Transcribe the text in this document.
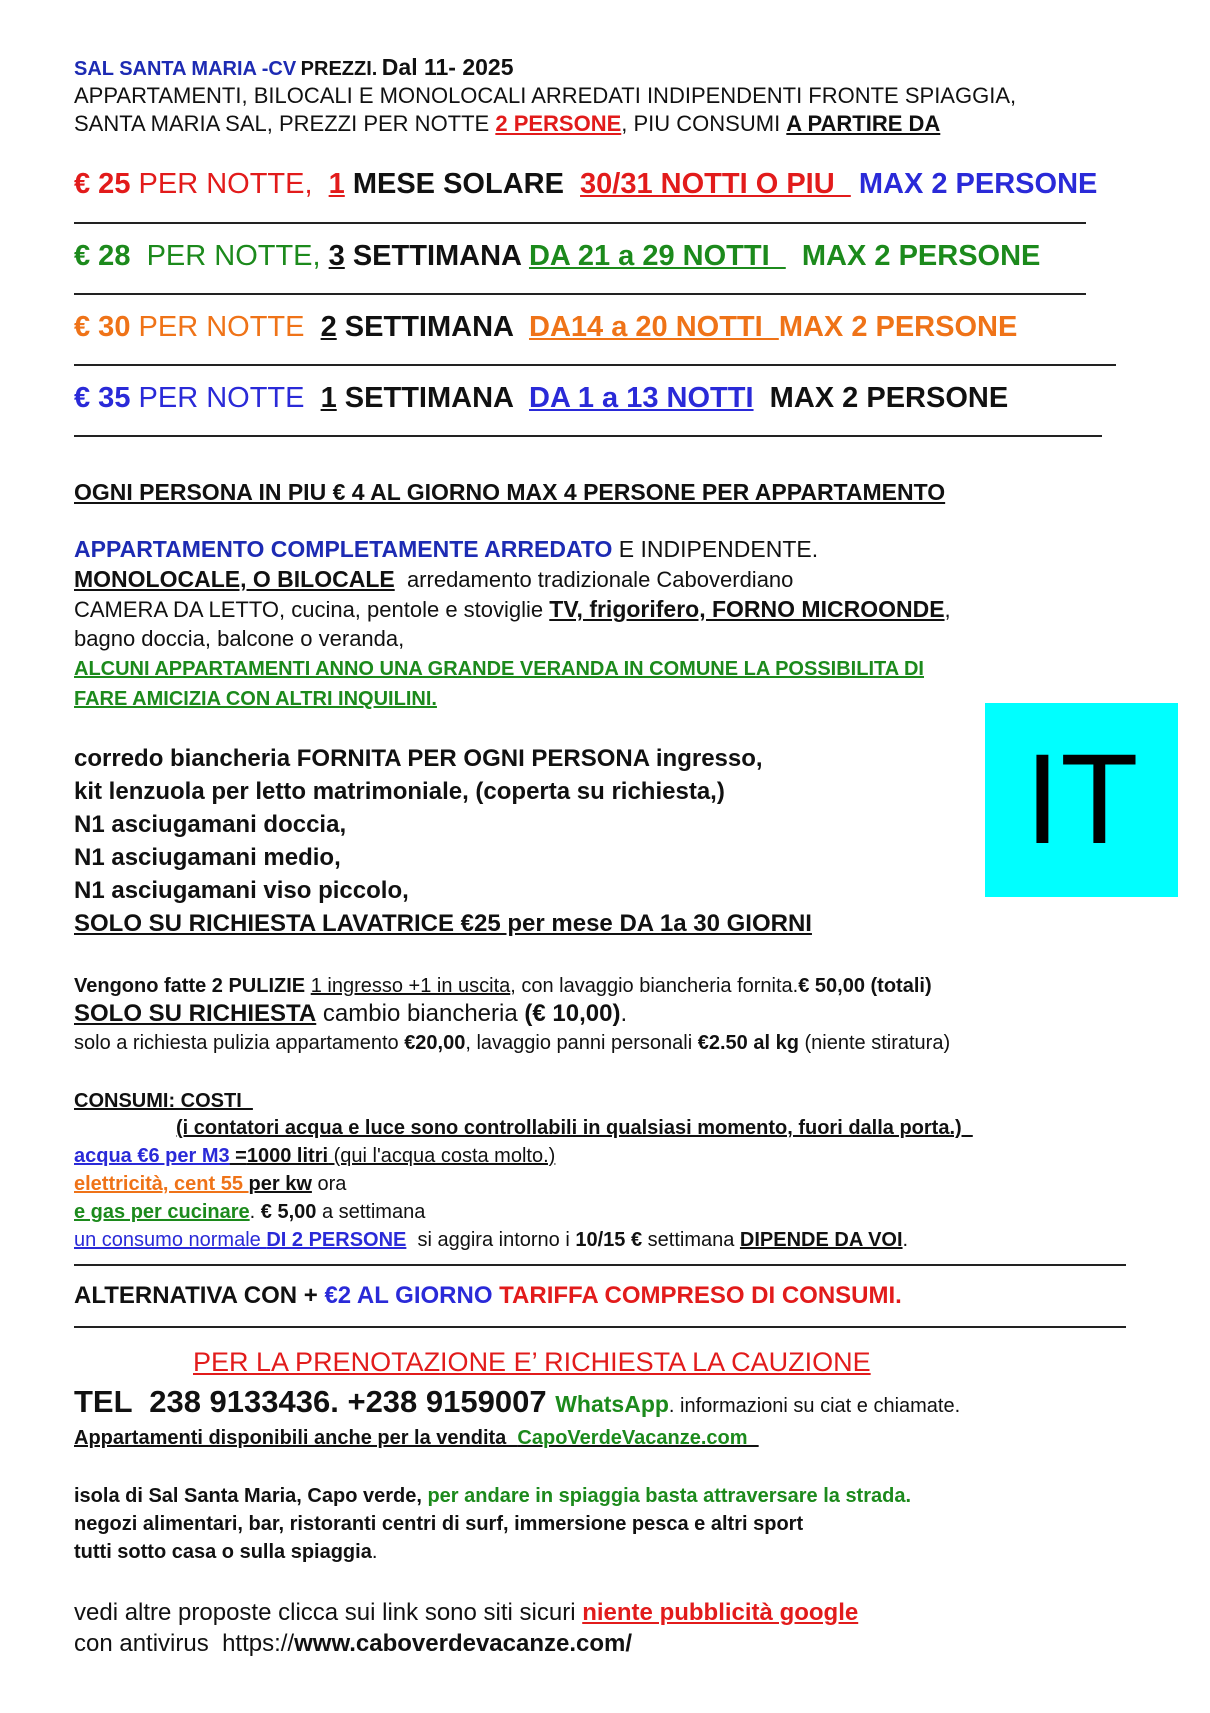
SAL SANTA MARIA -CV PREZZI. Dal 11- 2025
APPARTAMENTI, BILOCALI E MONOLOCALI ARREDATI INDIPENDENTI FRONTE SPIAGGIA,
SANTA MARIA SAL, PREZZI PER NOTTE 2 PERSONE, PIU CONSUMI A PARTIRE DA
€ 25 PER NOTTE,  1 MESE SOLARE  30/31 NOTTI O PIU   MAX 2 PERSONE
€ 28  PER NOTTE, 3 SETTIMANA DA 21 a 29 NOTTI    MAX 2 PERSONE
€ 30 PER NOTTE  2 SETTIMANA  DA14 a 20 NOTTI  MAX 2 PERSONE
€ 35 PER NOTTE  1 SETTIMANA  DA 1 a 13 NOTTI  MAX 2 PERSONE
OGNI PERSONA IN PIU € 4 AL GIORNO MAX 4 PERSONE PER APPARTAMENTO
APPARTAMENTO COMPLETAMENTE ARREDATO E INDIPENDENTE.
MONOLOCALE, O BILOCALE  arredamento tradizionale Caboverdiano
CAMERA DA LETTO, cucina, pentole e stoviglie TV, frigorifero, FORNO MICROONDE,
bagno doccia, balcone o veranda,
ALCUNI APPARTAMENTI ANNO UNA GRANDE VERANDA IN COMUNE LA POSSIBILITA DI
FARE AMICIZIA CON ALTRI INQUILINI.
corredo biancheria FORNITA PER OGNI PERSONA ingresso,
kit lenzuola per letto matrimoniale, (coperta su richiesta,)
N1 asciugamani doccia,
N1 asciugamani medio,
N1 asciugamani viso piccolo,
SOLO SU RICHIESTA LAVATRICE €25 per mese DA 1a 30 GIORNI
IT
Vengono fatte 2 PULIZIE 1 ingresso +1 in uscita, con lavaggio biancheria fornita.€ 50,00 (totali)
SOLO SU RICHIESTA cambio biancheria (€ 10,00).
solo a richiesta pulizia appartamento €20,00, lavaggio panni personali €2.50 al kg (niente stiratura)
CONSUMI: COSTI
(i contatori acqua e luce sono controllabili in qualsiasi momento, fuori dalla porta.)
acqua €6 per M3 =1000 litri (qui l'acqua costa molto.)
elettricità, cent 55 per kw ora
e gas per cucinare. € 5,00 a settimana
un consumo normale DI 2 PERSONE  si aggira intorno i 10/15 € settimana DIPENDE DA VOI.
ALTERNATIVA CON + €2 AL GIORNO TARIFFA COMPRESO DI CONSUMI.
PER LA PRENOTAZIONE E’ RICHIESTA LA CAUZIONE
TEL  238 9133436. +238 9159007 WhatsApp. informazioni su ciat e chiamate.
Appartamenti disponibili anche per la vendita  CapoVerdeVacanze.com
isola di Sal Santa Maria, Capo verde, per andare in spiaggia basta attraversare la strada.
negozi alimentari, bar, ristoranti centri di surf, immersione pesca e altri sport
tutti sotto casa o sulla spiaggia.
vedi altre proposte clicca sui link sono siti sicuri niente pubblicità google
con antivirus  https://www.caboverdevacanze.com/
